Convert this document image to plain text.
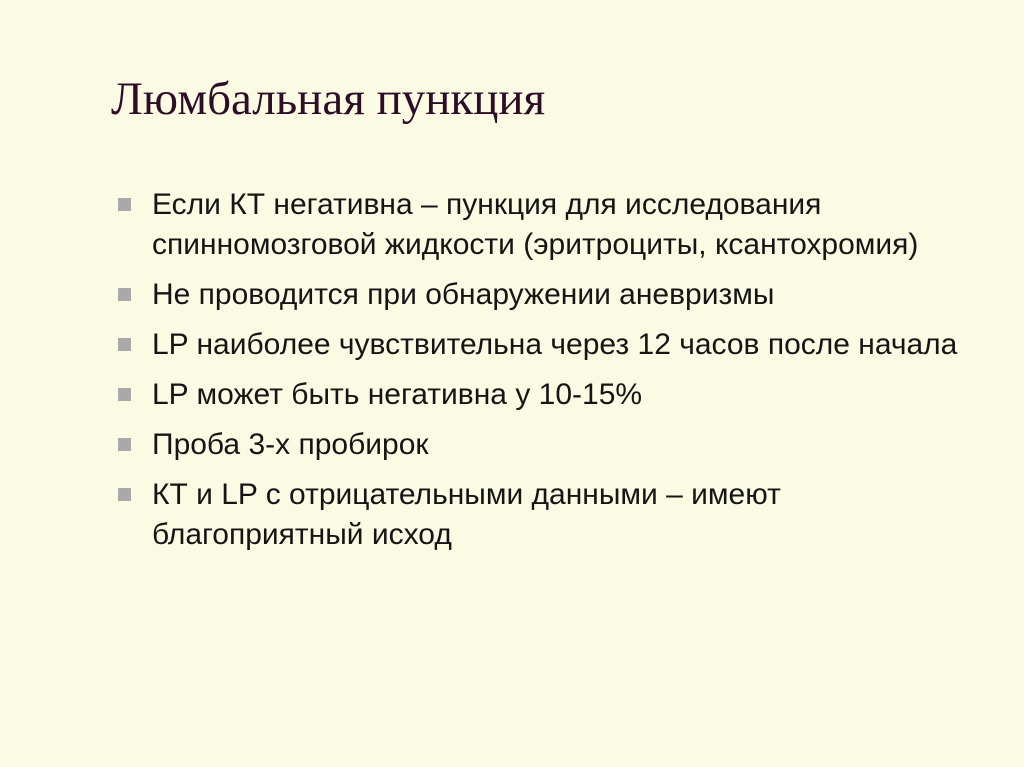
Люмбальная пункция
Если КТ негативна – пункция для исследования спинномозговой жидкости (эритроциты, ксантохромия)
Не проводится при обнаружении аневризмы
LP наиболее чувствительна через 12 часов после начала
LP может быть негативна у 10-15%
Проба 3-х пробирок
КТ и LP с отрицательными данными – имеют благоприятный исход
